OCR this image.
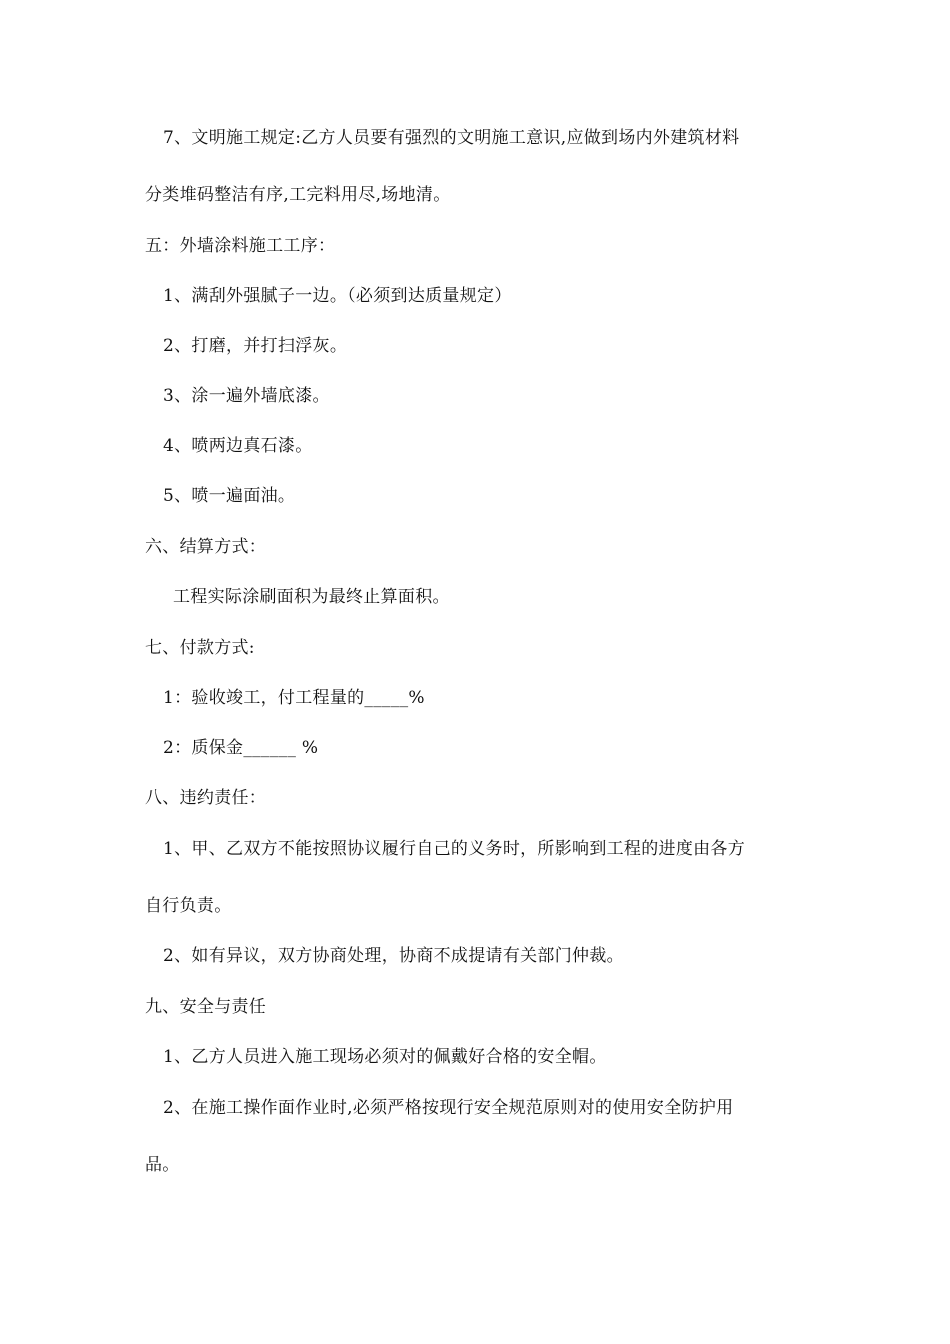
7、文明施工规定:乙方人员要有强烈的文明施工意识,应做到场内外建筑材料
分类堆码整洁有序,工完料用尽,场地清。
五：外墙涂料施工工序：
1、满刮外强腻子一边。（必须到达质量规定）
2、打磨，并打扫浮灰。
3、涂一遍外墙底漆。
4、喷两边真石漆。
5、喷一遍面油。
六、结算方式：
工程实际涂刷面积为最终止算面积。
七、付款方式:
1：验收竣工，付工程量的_____%
2：质保金______ %
八、违约责任：
1、甲、乙双方不能按照协议履行自己的义务时，所影响到工程的进度由各方
自行负责。
2、如有异议，双方协商处理，协商不成提请有关部门仲裁。
九、安全与责任
1、乙方人员进入施工现场必须对的佩戴好合格的安全帽。
2、在施工操作面作业时,必须严格按现行安全规范原则对的使用安全防护用
品。
